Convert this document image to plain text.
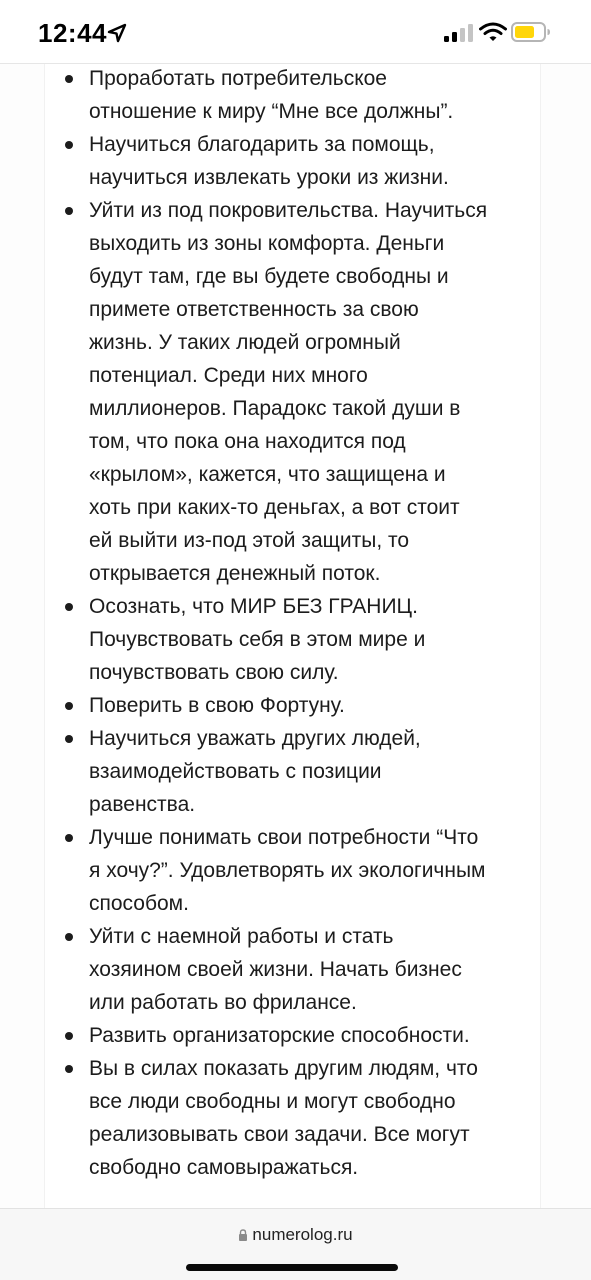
12:44
Проработать потребительское
отношение к миру “Мне все должны”.
Научиться благодарить за помощь,
научиться извлекать уроки из жизни.
Уйти из под покровительства. Научиться
выходить из зоны комфорта. Деньги
будут там, где вы будете свободны и
примете ответственность за свою
жизнь. У таких людей огромный
потенциал. Среди них много
миллионеров. Парадокс такой души в
том, что пока она находится под
«крылом», кажется, что защищена и
хоть при каких-то деньгах, а вот стоит
ей выйти из-под этой защиты, то
открывается денежный поток.
Осознать, что МИР БЕЗ ГРАНИЦ.
Почувствовать себя в этом мире и
почувствовать свою силу.
Поверить в свою Фортуну.
Научиться уважать других людей,
взаимодействовать с позиции
равенства.
Лучше понимать свои потребности “Что
я хочу?”. Удовлетворять их экологичным
способом.
Уйти с наемной работы и стать
хозяином своей жизни. Начать бизнес
или работать во фрилансе.
Развить организаторские способности.
Вы в силах показать другим людям, что
все люди свободны и могут свободно
реализовывать свои задачи. Все могут
свободно самовыражаться.
numerolog.ru
